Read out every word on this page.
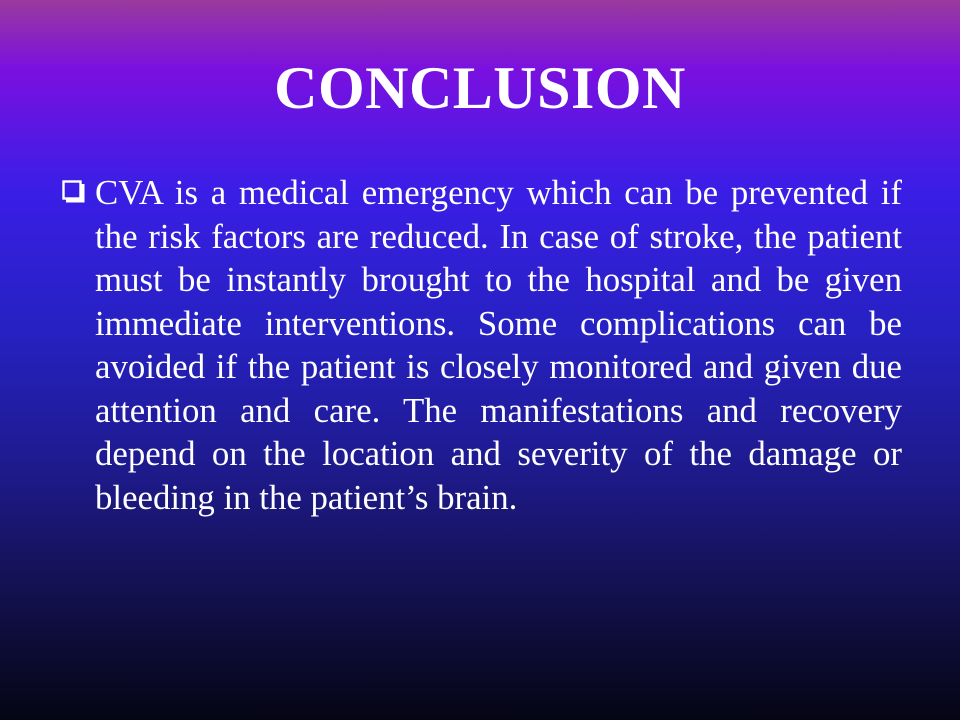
CONCLUSION

CVA is a medical emergency which can be prevented if the risk factors are reduced. In case of stroke, the patient must be instantly brought to the hospital and be given immediate interventions. Some complications can be avoided if the patient is closely monitored and given due attention and care. The manifestations and recovery depend on the location and severity of the damage or bleeding in the patient’s brain.
